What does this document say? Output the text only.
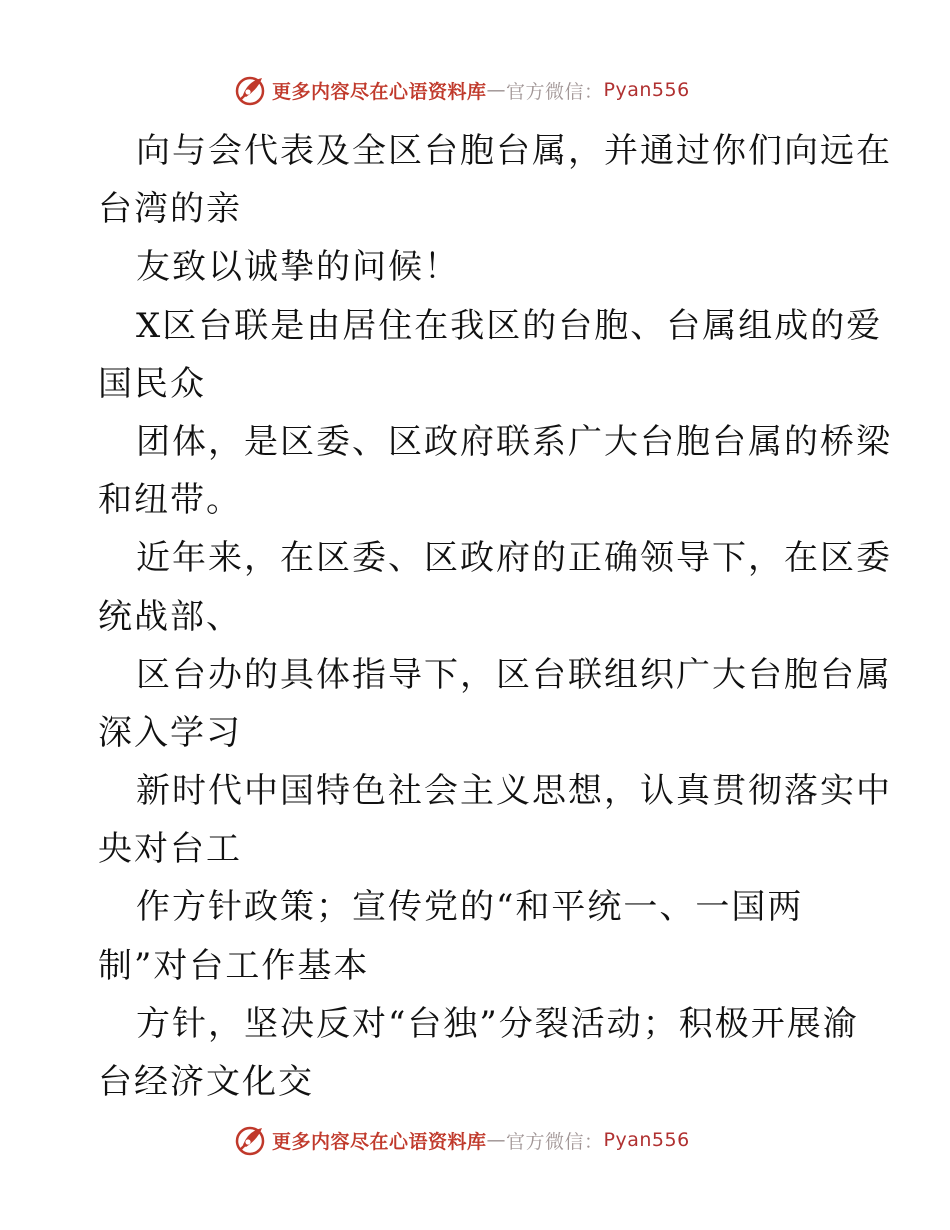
更多内容尽在心语资料库 — 官方微信： Pyan556
向与会代表及全区台胞台属，并通过你们向远在
台湾的亲
友致以诚挚的问候！
X区台联是由居住在我区的台胞、台属组成的爱
国民众
团体，是区委、区政府联系广大台胞台属的桥梁
和纽带。
近年来，在区委、区政府的正确领导下，在区委
统战部、
区台办的具体指导下，区台联组织广大台胞台属
深入学习
新时代中国特色社会主义思想，认真贯彻落实中
央对台工
作方针政策；宣传党的“和平统一、一国两
制”对台工作基本
方针，坚决反对“台独”分裂活动；积极开展渝
台经济文化交
更多内容尽在心语资料库 — 官方微信： Pyan556
